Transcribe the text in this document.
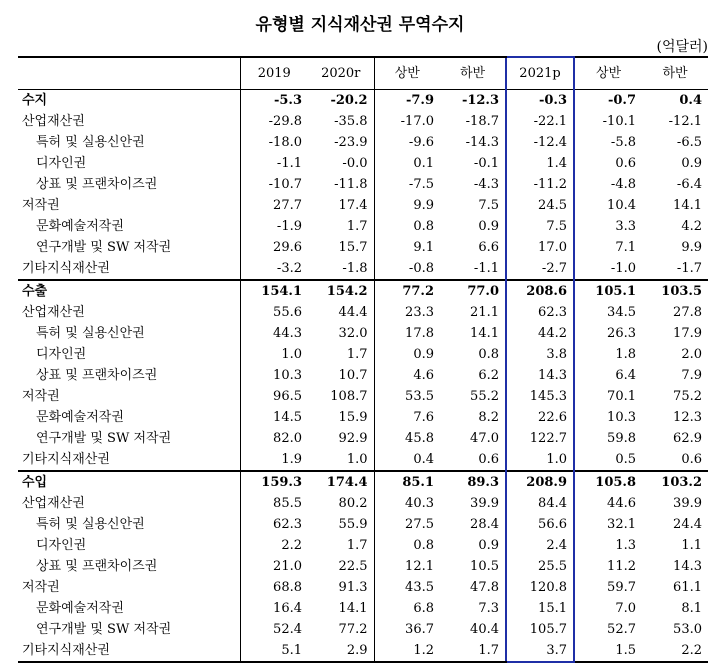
유형별 지식재산권 무역수지
(억달러)
	2019	2020r	상반	하반	2021p	상반	하반
수지	-5.3	-20.2	-7.9	-12.3	-0.3	-0.7	0.4
산업재산권	-29.8	-35.8	-17.0	-18.7	-22.1	-10.1	-12.1
특허 및 실용신안권	-18.0	-23.9	-9.6	-14.3	-12.4	-5.8	-6.5
디자인권	-1.1	-0.0	0.1	-0.1	1.4	0.6	0.9
상표 및 프랜차이즈권	-10.7	-11.8	-7.5	-4.3	-11.2	-4.8	-6.4
저작권	27.7	17.4	9.9	7.5	24.5	10.4	14.1
문화예술저작권	-1.9	1.7	0.8	0.9	7.5	3.3	4.2
연구개발 및 SW 저작권	29.6	15.7	9.1	6.6	17.0	7.1	9.9
기타지식재산권	-3.2	-1.8	-0.8	-1.1	-2.7	-1.0	-1.7
수출	154.1	154.2	77.2	77.0	208.6	105.1	103.5
산업재산권	55.6	44.4	23.3	21.1	62.3	34.5	27.8
특허 및 실용신안권	44.3	32.0	17.8	14.1	44.2	26.3	17.9
디자인권	1.0	1.7	0.9	0.8	3.8	1.8	2.0
상표 및 프랜차이즈권	10.3	10.7	4.6	6.2	14.3	6.4	7.9
저작권	96.5	108.7	53.5	55.2	145.3	70.1	75.2
문화예술저작권	14.5	15.9	7.6	8.2	22.6	10.3	12.3
연구개발 및 SW 저작권	82.0	92.9	45.8	47.0	122.7	59.8	62.9
기타지식재산권	1.9	1.0	0.4	0.6	1.0	0.5	0.6
수입	159.3	174.4	85.1	89.3	208.9	105.8	103.2
산업재산권	85.5	80.2	40.3	39.9	84.4	44.6	39.9
특허 및 실용신안권	62.3	55.9	27.5	28.4	56.6	32.1	24.4
디자인권	2.2	1.7	0.8	0.9	2.4	1.3	1.1
상표 및 프랜차이즈권	21.0	22.5	12.1	10.5	25.5	11.2	14.3
저작권	68.8	91.3	43.5	47.8	120.8	59.7	61.1
문화예술저작권	16.4	14.1	6.8	7.3	15.1	7.0	8.1
연구개발 및 SW 저작권	52.4	77.2	36.7	40.4	105.7	52.7	53.0
기타지식재산권	5.1	2.9	1.2	1.7	3.7	1.5	2.2
